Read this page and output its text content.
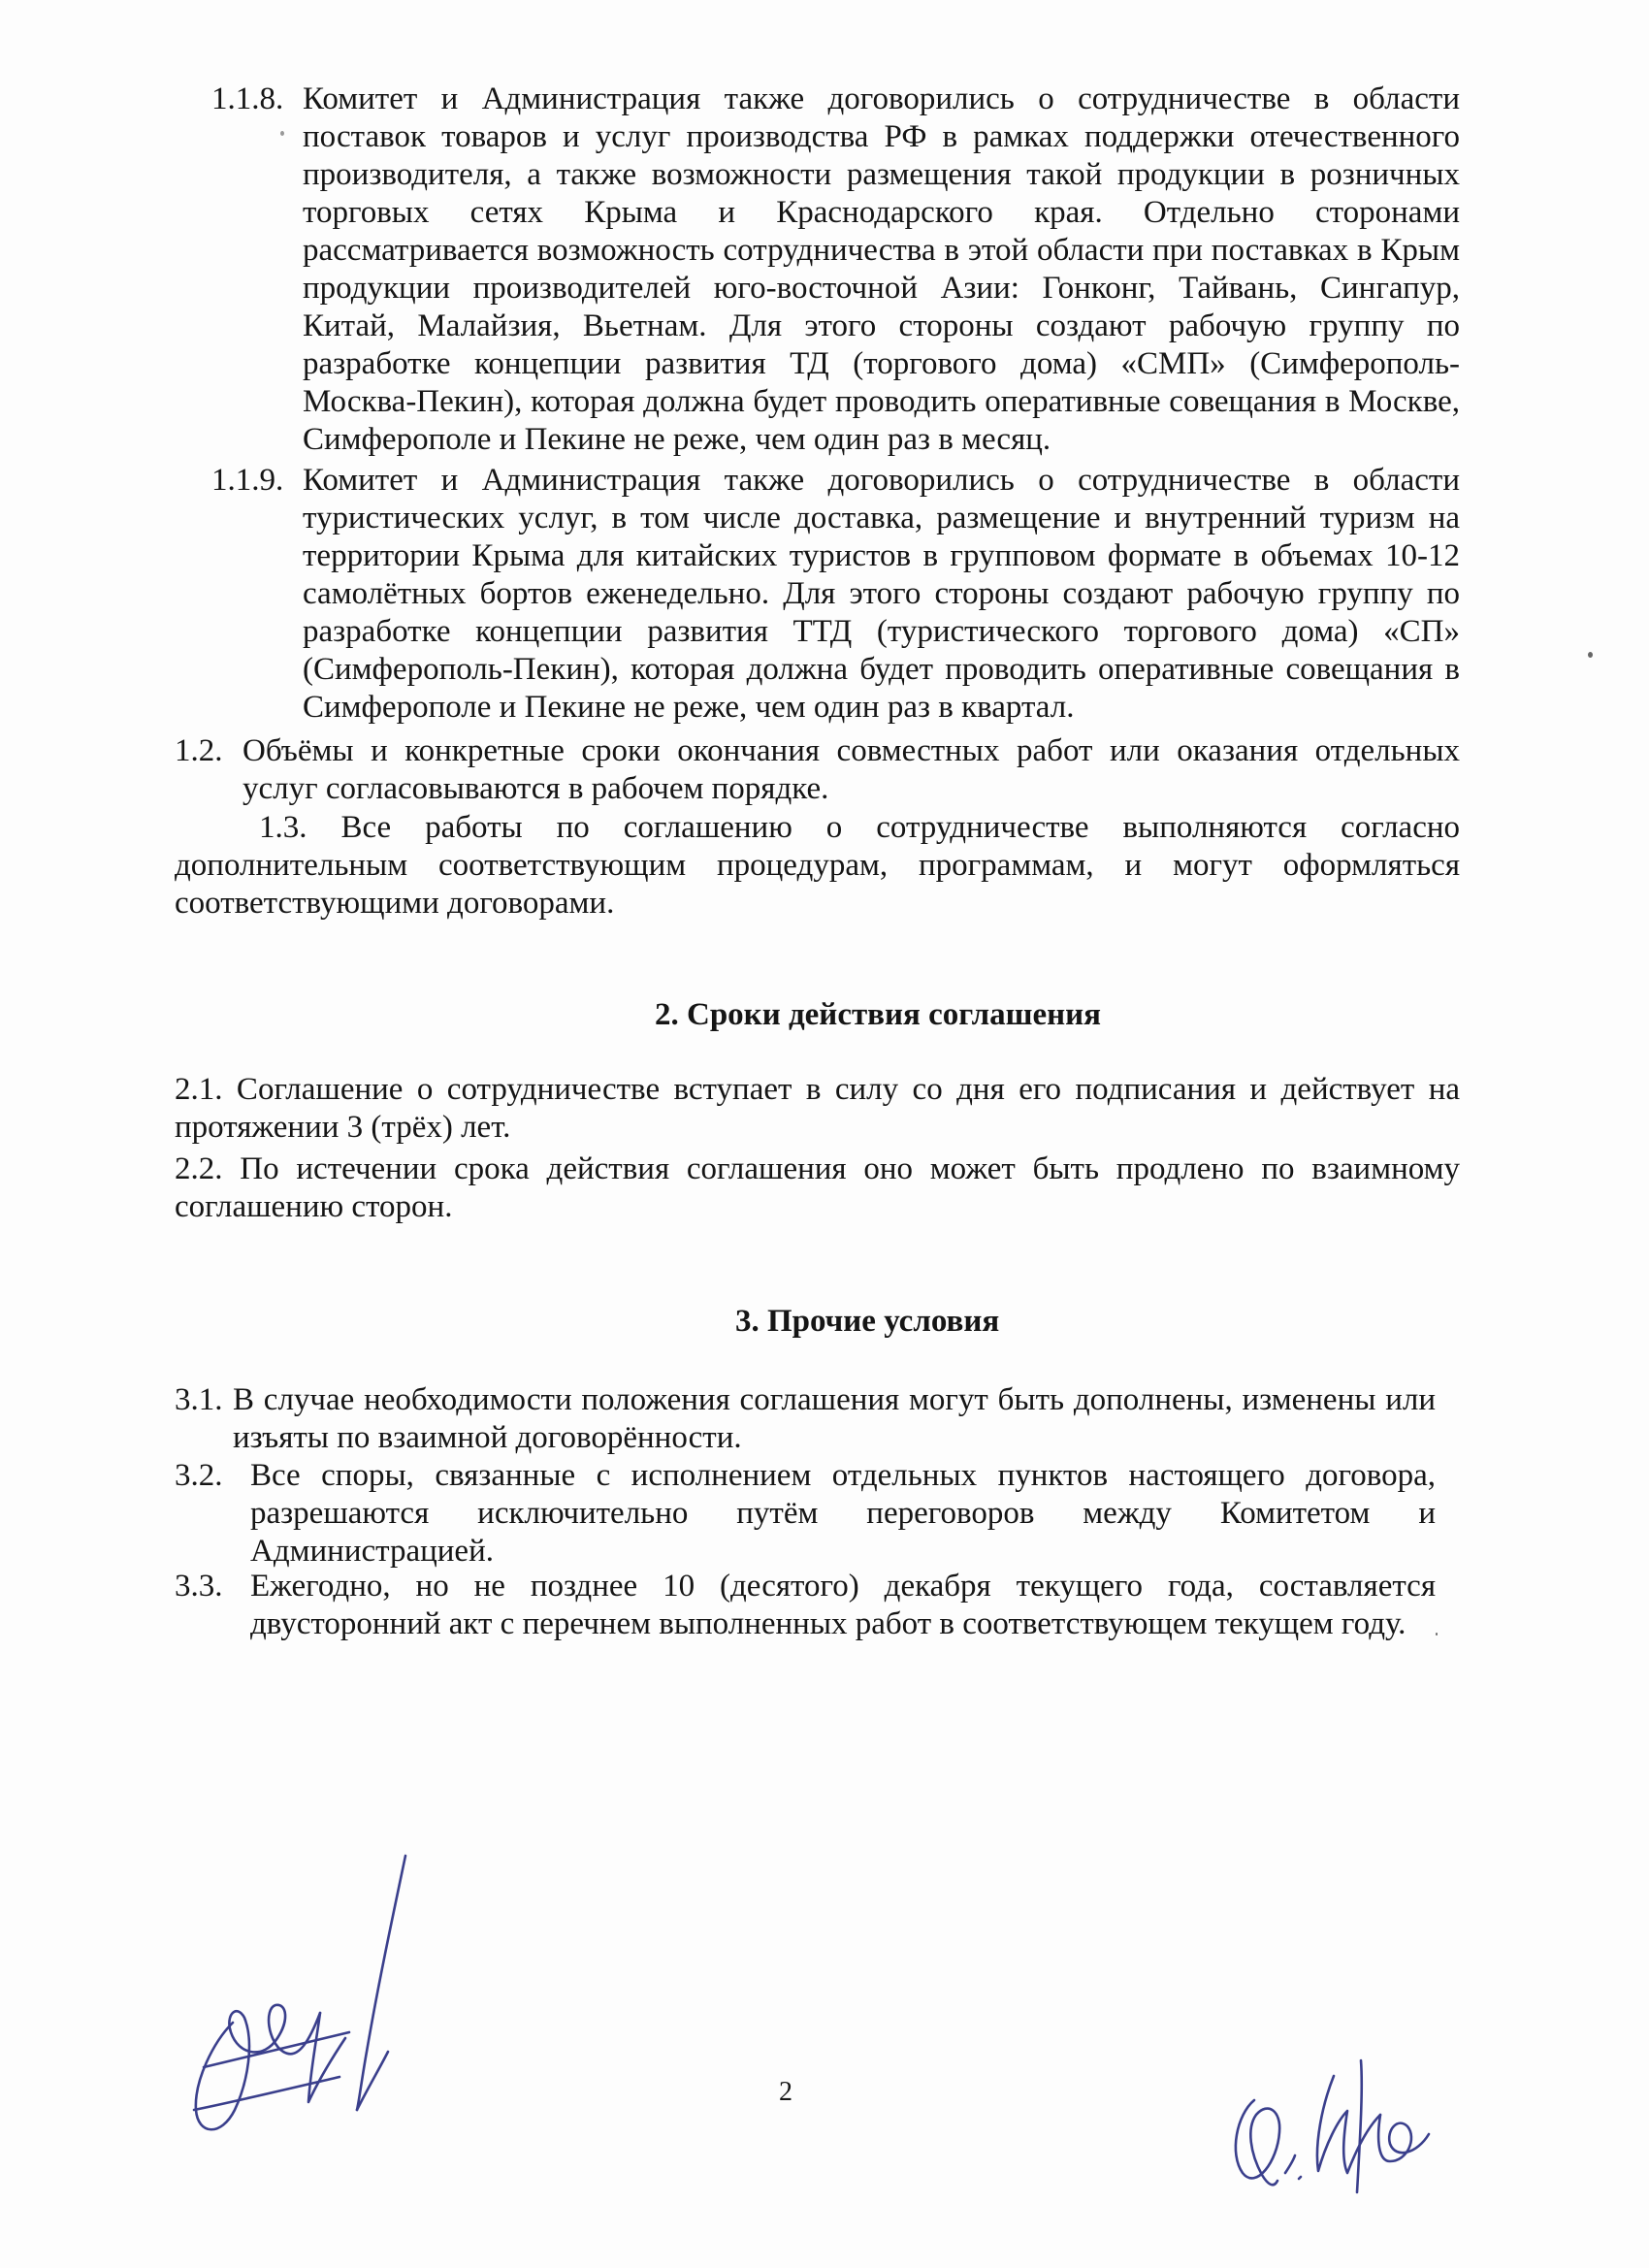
1.1.8. Комитет и Администрация также договорились о сотрудничестве в области поставок товаров и услуг производства РФ в рамках поддержки отечественного производителя, а также возможности размещения такой продукции в розничных торговых сетях Крыма и Краснодарского края. Отдельно сторонами рассматривается возможность сотрудничества в этой области при поставках в Крым продукции производителей юго-восточной Азии: Гонконг, Тайвань, Сингапур, Китай, Малайзия, Вьетнам. Для этого стороны создают рабочую группу по разработке концепции развития ТД (торгового дома) «СМП» (Симферополь-Москва-Пекин), которая должна будет проводить оперативные совещания в Москве, Симферополе и Пекине не реже, чем один раз в месяц.
1.1.9. Комитет и Администрация также договорились о сотрудничестве в области туристических услуг, в том числе доставка, размещение и внутренний туризм на территории Крыма для китайских туристов в групповом формате в объемах 10-12 самолётных бортов еженедельно. Для этого стороны создают рабочую группу по разработке концепции развития ТТД (туристического торгового дома) «СП» (Симферополь-Пекин), которая должна будет проводить оперативные совещания в Симферополе и Пекине не реже, чем один раз в квартал.
1.2. Объёмы и конкретные сроки окончания совместных работ или оказания отдельных услуг согласовываются в рабочем порядке.
1.3. Все работы по соглашению о сотрудничестве выполняются согласно дополнительным соответствующим процедурам, программам, и могут оформляться соответствующими договорами.
2. Сроки действия соглашения
2.1. Соглашение о сотрудничестве вступает в силу со дня его подписания и действует на протяжении 3 (трёх) лет.
2.2. По истечении срока действия соглашения оно может быть продлено по взаимному соглашению сторон.
3. Прочие условия
3.1. В случае необходимости положения соглашения могут быть дополнены, изменены или изъяты по взаимной договорённости.
3.2. Все споры, связанные с исполнением отдельных пунктов настоящего договора, разрешаются исключительно путём переговоров между Комитетом и Администрацией.
3.3. Ежегодно, но не позднее 10 (десятого) декабря текущего года, составляется двусторонний акт с перечнем выполненных работ в соответствующем текущем году.
2
